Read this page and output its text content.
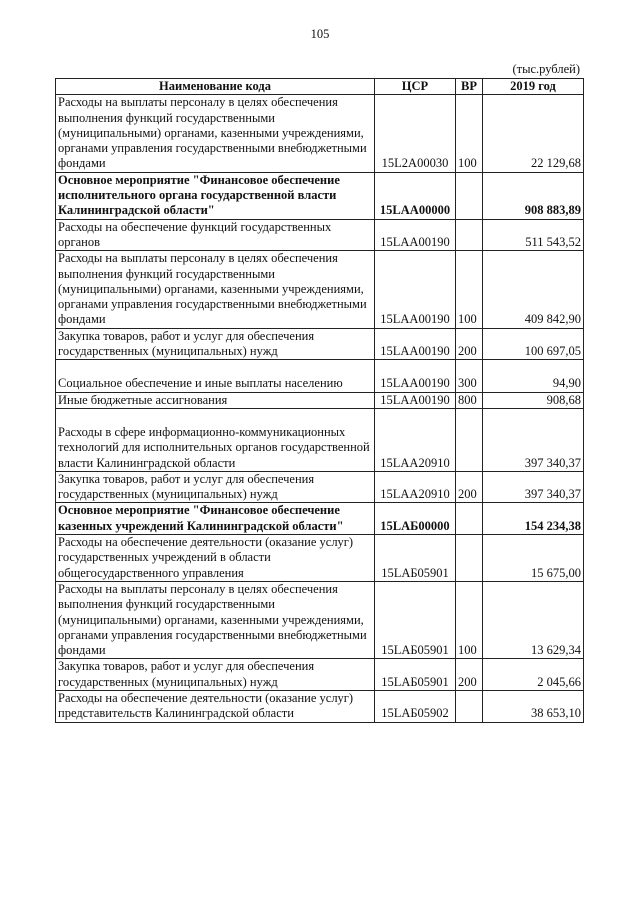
105
(тыс.рублей)
Наименование кода	ЦСР	ВР	2019 год
Расходы на выплаты персоналу в целях обеспечения выполнения функций государственными (муниципальными) органами, казенными учреждениями, органами управления государственными внебюджетными фондами	15L2A00030	100	22 129,68
Основное мероприятие "Финансовое обеспечение исполнительного органа государственной власти Калининградской области"	15LАА00000		908 883,89
Расходы на обеспечение функций государственных органов	15LАА00190		511 543,52
Расходы на выплаты персоналу в целях обеспечения выполнения функций государственными (муниципальными) органами, казенными учреждениями, органами управления государственными внебюджетными фондами	15LАА00190	100	409 842,90
Закупка товаров, работ и услуг для обеспечения государственных (муниципальных) нужд	15LАА00190	200	100 697,05
Социальное обеспечение и иные выплаты населению	15LАА00190	300	94,90
Иные бюджетные ассигнования	15LАА00190	800	908,68
Расходы в сфере информационно-коммуникационных технологий для исполнительных органов государственной власти Калининградской области	15LАА20910		397 340,37
Закупка товаров, работ и услуг для обеспечения государственных (муниципальных) нужд	15LАА20910	200	397 340,37
Основное мероприятие "Финансовое обеспечение казенных учреждений Калининградской области"	15LАБ00000		154 234,38
Расходы на обеспечение деятельности (оказание услуг) государственных учреждений в области общегосударственного управления	15LАБ05901		15 675,00
Расходы на выплаты персоналу в целях обеспечения выполнения функций государственными (муниципальными) органами, казенными учреждениями, органами управления государственными внебюджетными фондами	15LАБ05901	100	13 629,34
Закупка товаров, работ и услуг для обеспечения государственных (муниципальных) нужд	15LАБ05901	200	2 045,66
Расходы на обеспечение деятельности (оказание услуг) представительств Калининградской области	15LАБ05902		38 653,10
